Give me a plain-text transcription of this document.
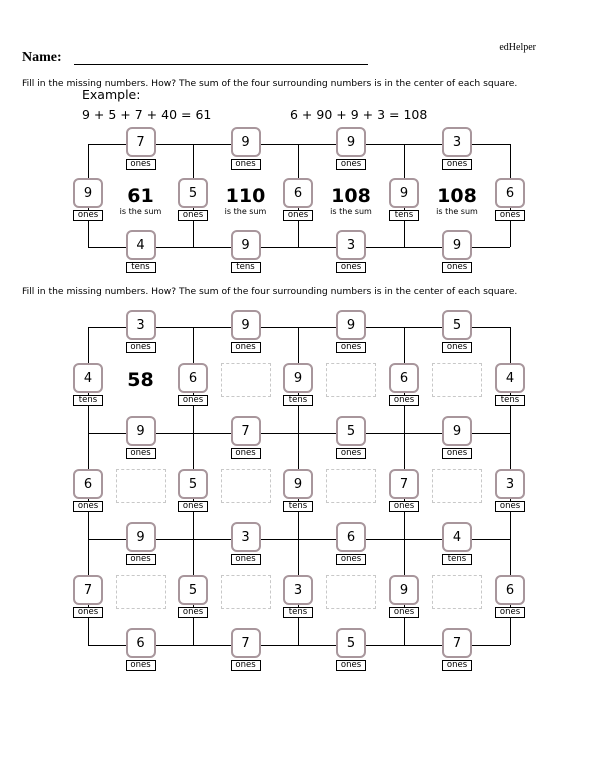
edHelper
Name:
Fill in the missing numbers. How? The sum of the four surrounding numbers is in the center of each square.
Example:
9 + 5 + 7 + 40 = 61	6 + 90 + 9 + 3 = 108
Fill in the missing numbers. How? The sum of the four surrounding numbers is in the center of each square.
7
ones
9
ones
9
ones
3
ones
4
tens
9
tens
3
ones
9
ones
9
ones
5
ones
6
ones
9
tens
6
ones
61
is the sum
110
is the sum
108
is the sum
108
is the sum
3
ones
9
ones
9
ones
5
ones
9
ones
7
ones
5
ones
9
ones
9
ones
3
ones
6
ones
4
tens
6
ones
7
ones
5
ones
7
ones
4
tens
6
ones
9
tens
6
ones
4
tens
6
ones
5
ones
9
tens
7
ones
3
ones
7
ones
5
ones
3
tens
9
ones
6
ones
58
